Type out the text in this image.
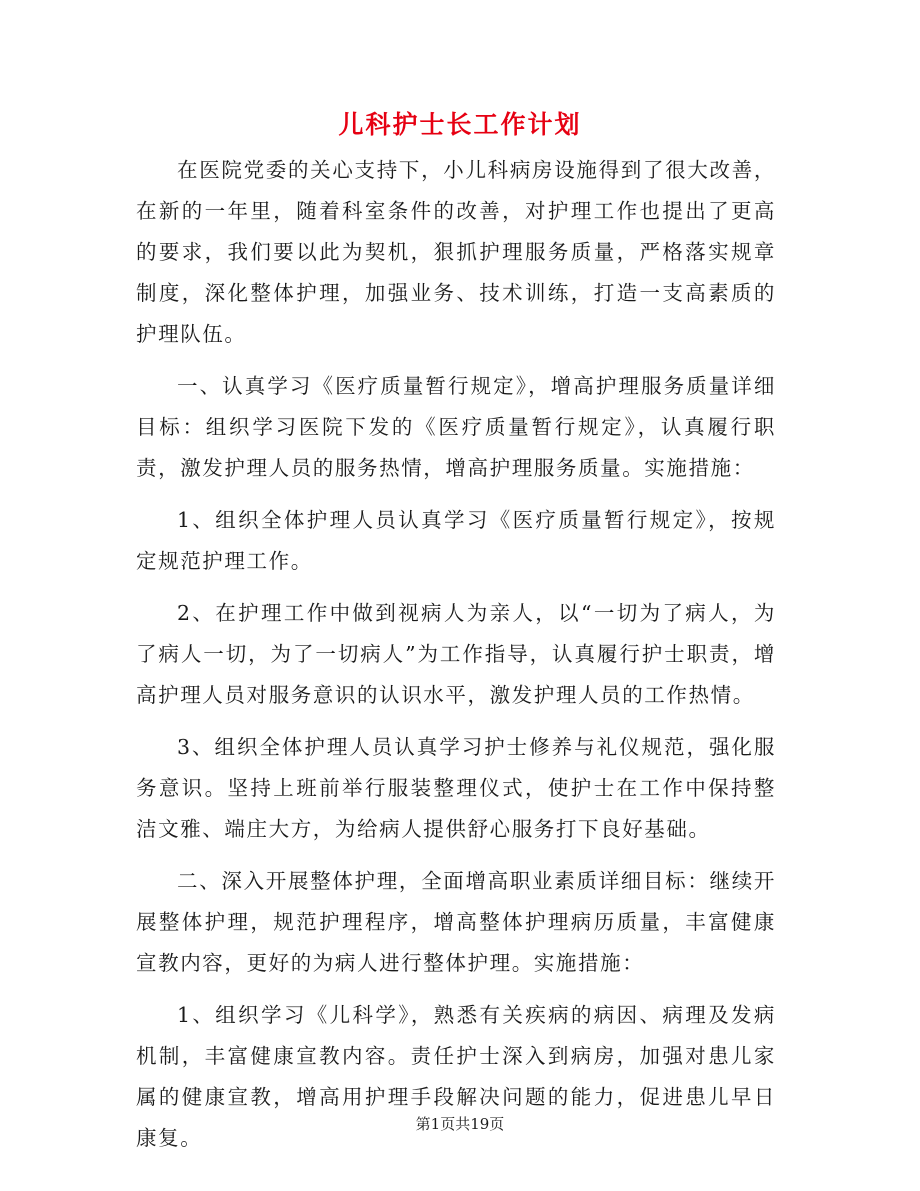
儿科护士长工作计划

在医院党委的关心支持下，小儿科病房设施得到了很大改善，在新的一年里，随着科室条件的改善，对护理工作也提出了更高的要求，我们要以此为契机，狠抓护理服务质量，严格落实规章制度，深化整体护理，加强业务、技术训练，打造一支高素质的护理队伍。

一、认真学习《医疗质量暂行规定》，增高护理服务质量详细目标：组织学习医院下发的《医疗质量暂行规定》，认真履行职责，激发护理人员的服务热情，增高护理服务质量。实施措施：

1、组织全体护理人员认真学习《医疗质量暂行规定》，按规定规范护理工作。

2、在护理工作中做到视病人为亲人，以“一切为了病人，为了病人一切，为了一切病人”为工作指导，认真履行护士职责，增高护理人员对服务意识的认识水平，激发护理人员的工作热情。

3、组织全体护理人员认真学习护士修养与礼仪规范，强化服务意识。坚持上班前举行服装整理仪式，使护士在工作中保持整洁文雅、端庄大方，为给病人提供舒心服务打下良好基础。

二、深入开展整体护理，全面增高职业素质详细目标：继续开展整体护理，规范护理程序，增高整体护理病历质量，丰富健康宣教内容，更好的为病人进行整体护理。实施措施：

1、组织学习《儿科学》，熟悉有关疾病的病因、病理及发病机制，丰富健康宣教内容。责任护士深入到病房，加强对患儿家属的健康宣教，增高用护理手段解决问题的能力，促进患儿早日康复。

第1页共19页
